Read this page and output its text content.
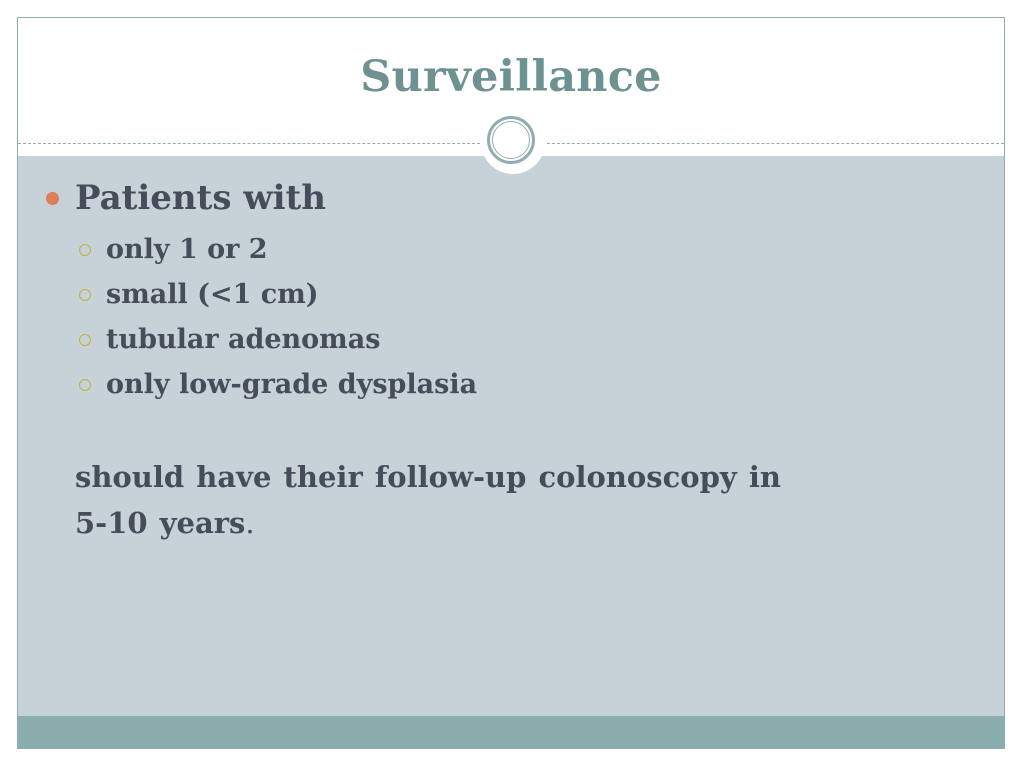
Surveillance
Patients with
only 1 or 2
small (<1 cm)
tubular adenomas
only low-grade dysplasia
should have their follow-up colonoscopy in
5-10 years.
